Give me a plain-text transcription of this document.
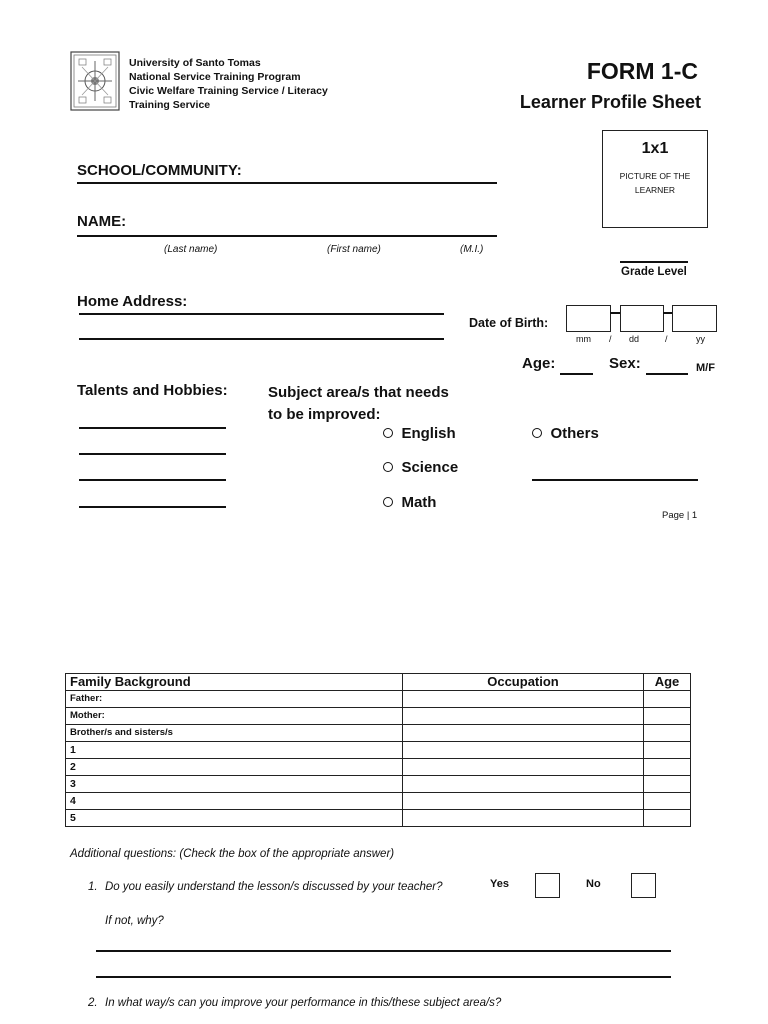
University of Santo Tomas
National Service Training Program
Civic Welfare Training Service / Literacy
Training Service
FORM 1-C
Learner Profile Sheet
1x1
PICTURE OF THE
LEARNER
SCHOOL/COMMUNITY:
NAME:
(Last name)	(First name)	(M.I.)
Grade Level
Home Address:
Date of Birth:
mm / dd	/	yy
Age:	Sex:	M/F
Talents and Hobbies:	Subject area/s that needs
to be improved:
English
Science
Math
Others
Page | 1
Family Background	Occupation	Age
Father:		
Mother:		
Brother/s and sisters/s		
1		
2		
3		
4		
5		
Additional questions: (Check the box of the appropriate answer)
1. Do you easily understand the lesson/s discussed by your teacher?	Yes	No
If not, why?
2. In what way/s can you improve your performance in this/these subject area/s?
